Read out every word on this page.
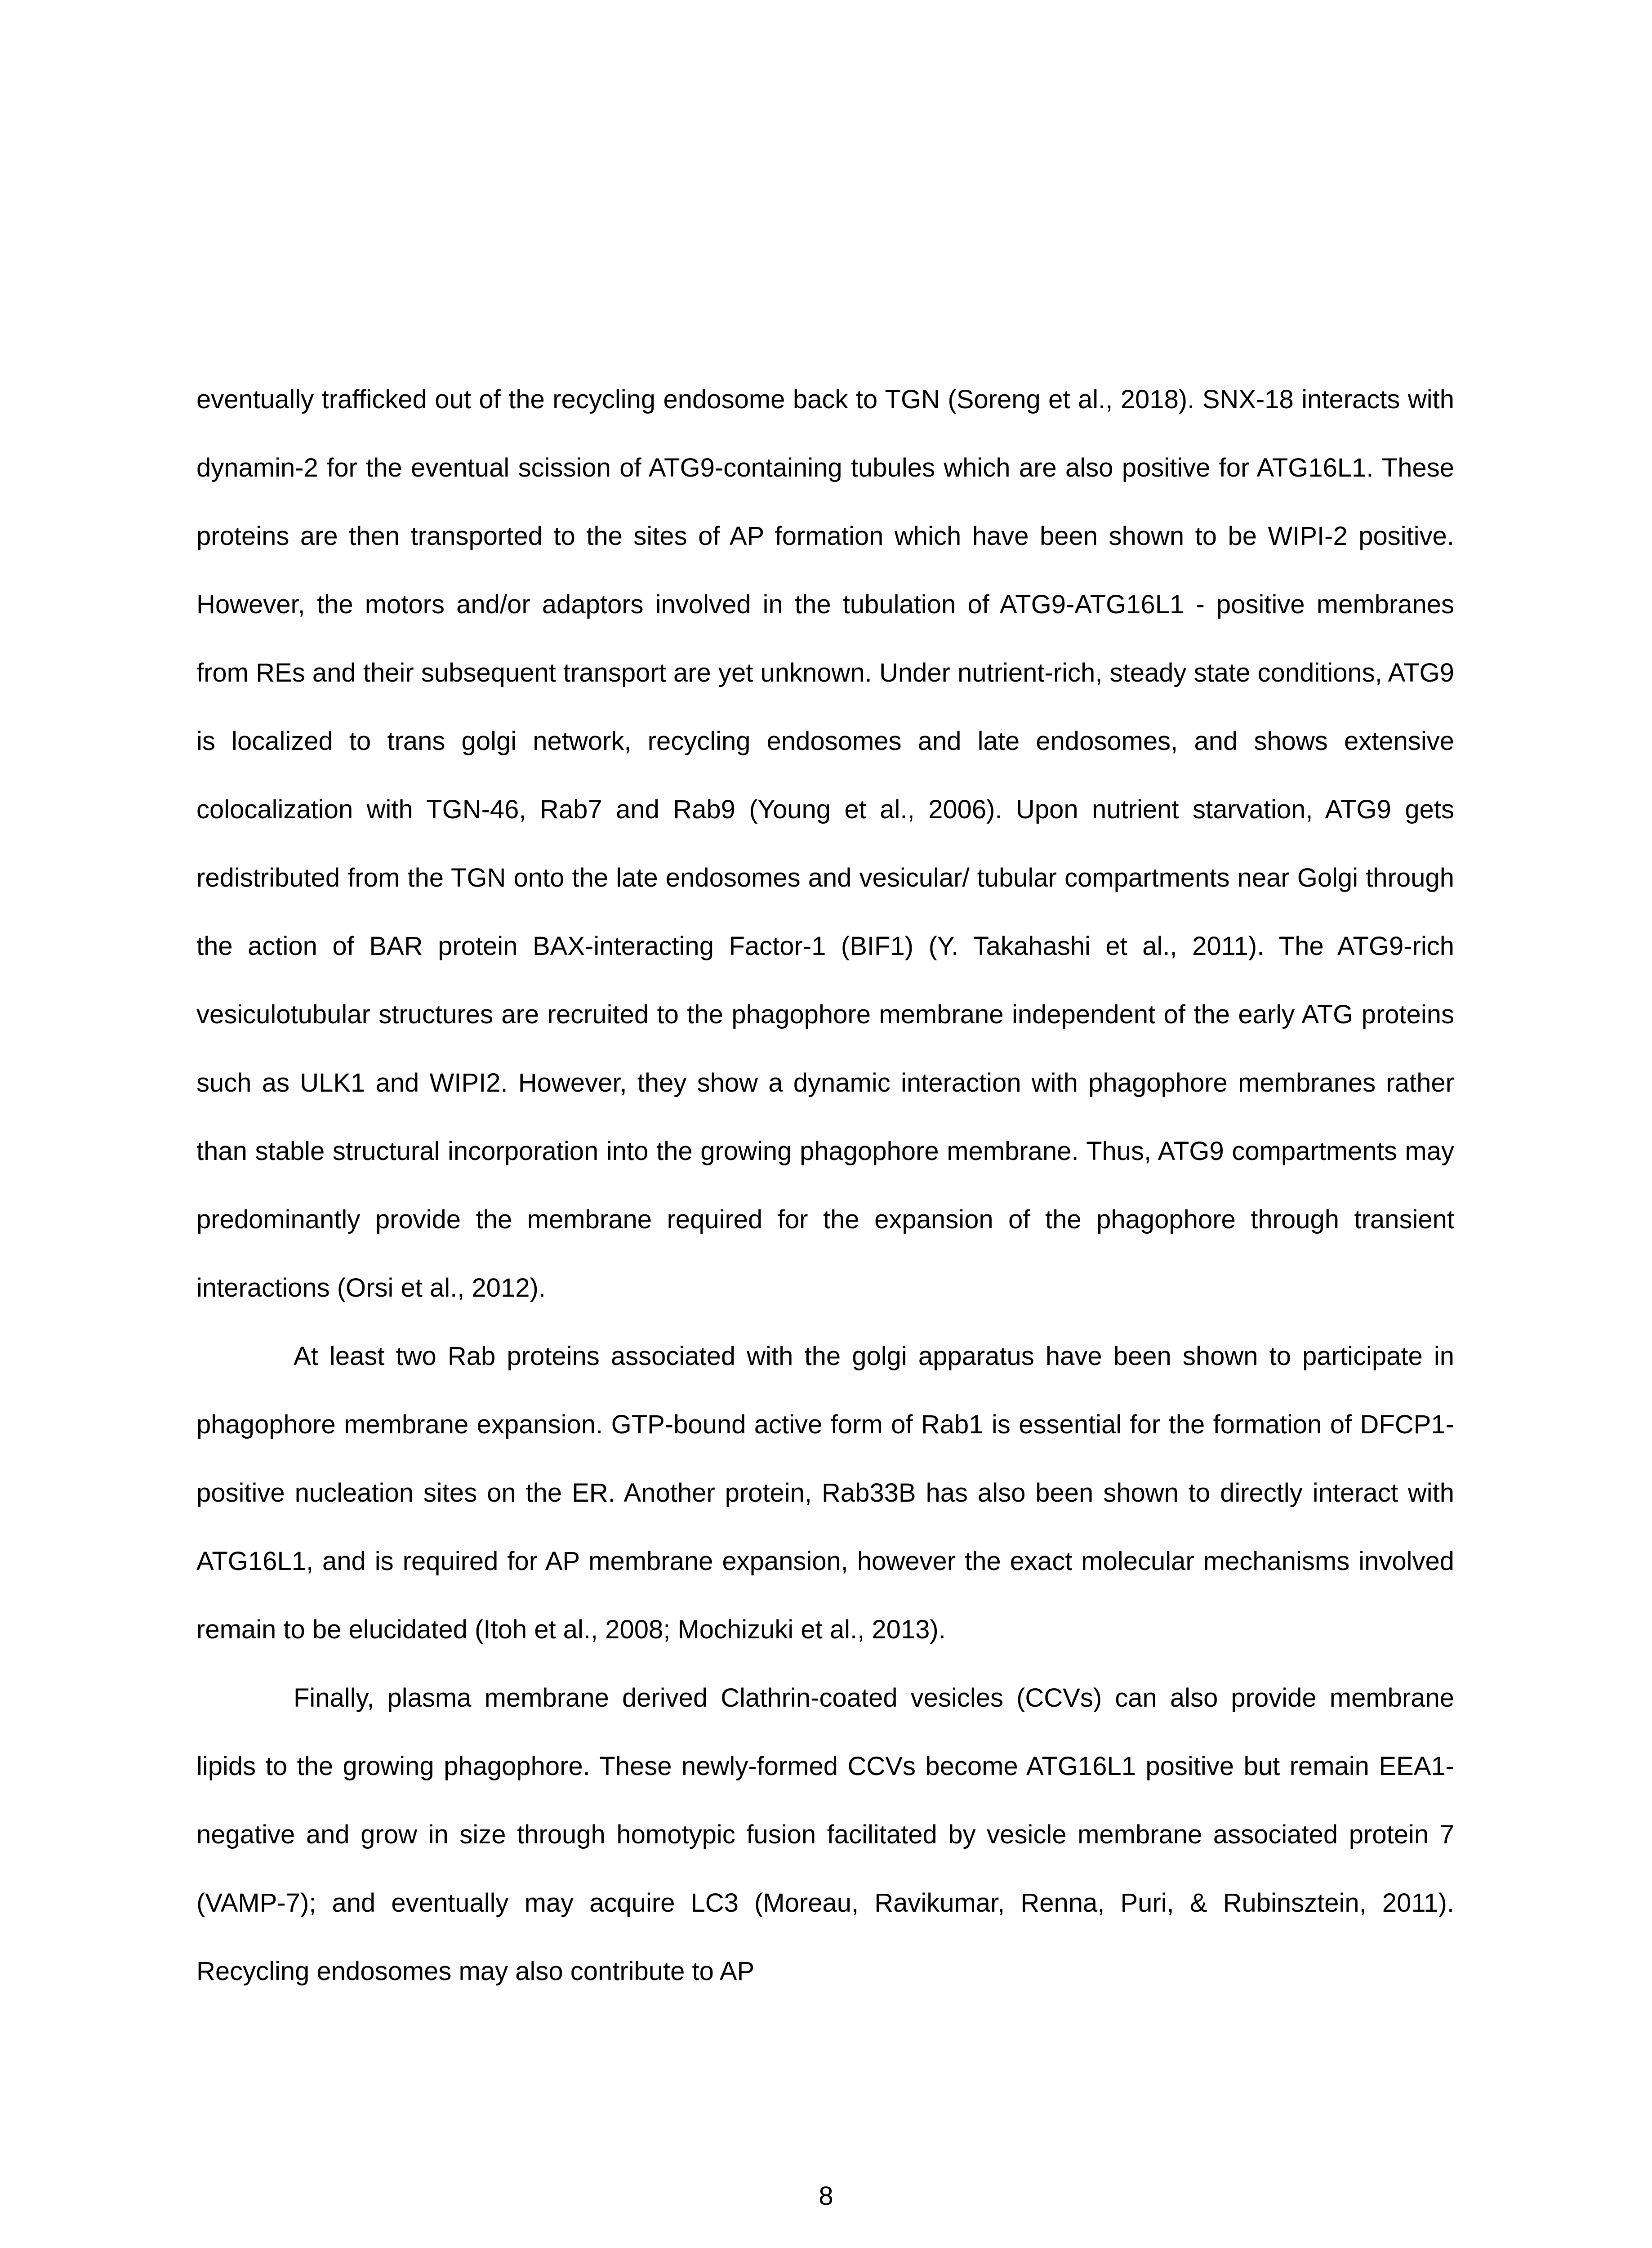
eventually trafficked out of the recycling endosome back to TGN (Soreng et al., 2018). SNX-18 interacts with dynamin-2 for the eventual scission of ATG9-containing tubules which are also positive for ATG16L1. These proteins are then transported to the sites of AP formation which have been shown to be WIPI-2 positive. However, the motors and/or adaptors involved in the tubulation of ATG9-ATG16L1 - positive membranes from REs and their subsequent transport are yet unknown. Under nutrient-rich, steady state conditions, ATG9 is localized to trans golgi network, recycling endosomes and late endosomes, and shows extensive colocalization with TGN-46, Rab7 and Rab9 (Young et al., 2006). Upon nutrient starvation, ATG9 gets redistributed from the TGN onto the late endosomes and vesicular/ tubular compartments near Golgi through the action of BAR protein BAX-interacting Factor-1 (BIF1) (Y. Takahashi et al., 2011). The ATG9-rich vesiculotubular structures are recruited to the phagophore membrane independent of the early ATG proteins such as ULK1 and WIPI2. However, they show a dynamic interaction with phagophore membranes rather than stable structural incorporation into the growing phagophore membrane. Thus, ATG9 compartments may predominantly provide the membrane required for the expansion of the phagophore through transient interactions (Orsi et al., 2012).

At least two Rab proteins associated with the golgi apparatus have been shown to participate in phagophore membrane expansion. GTP-bound active form of Rab1 is essential for the formation of DFCP1-positive nucleation sites on the ER. Another protein, Rab33B has also been shown to directly interact with ATG16L1, and is required for AP membrane expansion, however the exact molecular mechanisms involved remain to be elucidated (Itoh et al., 2008; Mochizuki et al., 2013).

Finally, plasma membrane derived Clathrin-coated vesicles (CCVs) can also provide membrane lipids to the growing phagophore. These newly-formed CCVs become ATG16L1 positive but remain EEA1-negative and grow in size through homotypic fusion facilitated by vesicle membrane associated protein 7 (VAMP-7); and eventually may acquire LC3 (Moreau, Ravikumar, Renna, Puri, & Rubinsztein, 2011). Recycling endosomes may also contribute to AP

8
